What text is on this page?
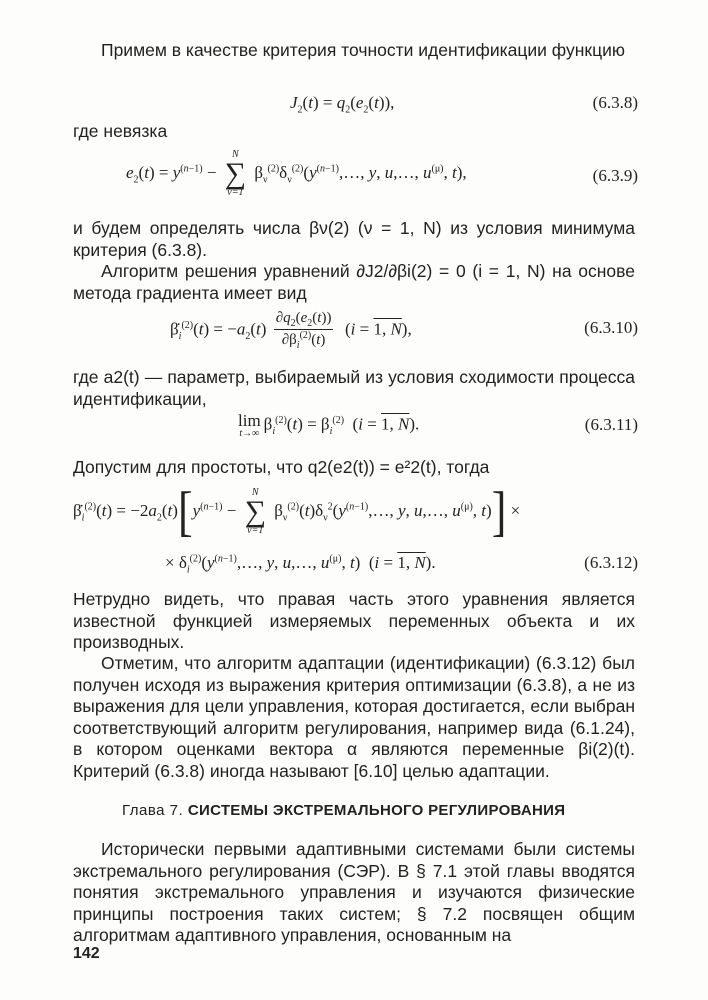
Примем в качестве критерия точности идентификации функцию

$J_2(t) = q_2(e_2(t))$,	(6.3.8)

где невязка

$e_2(t) = y^{(n-1)}$ −
N
∑
ν=1
$\beta_\nu^{(2)}\delta_\nu^{(2)}(y^{(n-1)},\dots$, y, u,…, $u^{(\mu)}$, t),	(6.3.9)

и будем определять числа βν(2) (ν = 1, N) из условия минимума критерия (6.3.8).

Алгоритм решения уравнений ∂J2/∂βi(2) = 0 (i = 1, N) на основе метода градиента имеет вид

$\betȧ_i^{(2)}(t) = -a_2(t) \frac{\partial q_2(e_2(t))}{\partial\beta_i^{(2)}(t)} (i = 1$, N),	(6.3.10)

где a2(t) — параметр, выбираемый из условия сходимости процесса идентификации,

lim
t→∞
$\beta_i^{(2)}(t) = \beta_i^{(2)}$  (i = 1, N).	(6.3.11)

Допустим для простоты, что q2(e2(t)) = e²2(t), тогда

$\betȧ_i^{(2)}(t) = -2a_2(t)[y^{(n-1)}$ −
N
∑
ν=1
$\beta_\nu^{(2)}(t)\delta_\nu^2(y^{(n-1)},\dots$, y, u,…, $u^{(\mu)}$, t)] ×
× $\delta_i^{(2)}(y^{(n-1)},\dots$, y, u,…, $u^{(\mu)}$, t)  (i = 1, N).	(6.3.12)

Нетрудно видеть, что правая часть этого уравнения является известной функцией измеряемых переменных объекта и их производных.

Отметим, что алгоритм адаптации (идентификации) (6.3.12) был получен исходя из выражения критерия оптимизации (6.3.8), а не из выражения для цели управления, которая достигается, если выбран соответствующий алгоритм регулирования, например вида (6.1.24), в котором оценками вектора α являются переменные βi(2)(t). Критерий (6.3.8) иногда называют [6.10] целью адаптации.

Глава 7. СИСТЕМЫ ЭКСТРЕМАЛЬНОГО РЕГУЛИРОВАНИЯ

Исторически первыми адаптивными системами были системы экстремального регулирования (СЭР). В § 7.1 этой главы вводятся понятия экстремального управления и изучаются физические принципы построения таких систем; § 7.2 посвящен общим алгоритмам адаптивного управления, основанным на

142
